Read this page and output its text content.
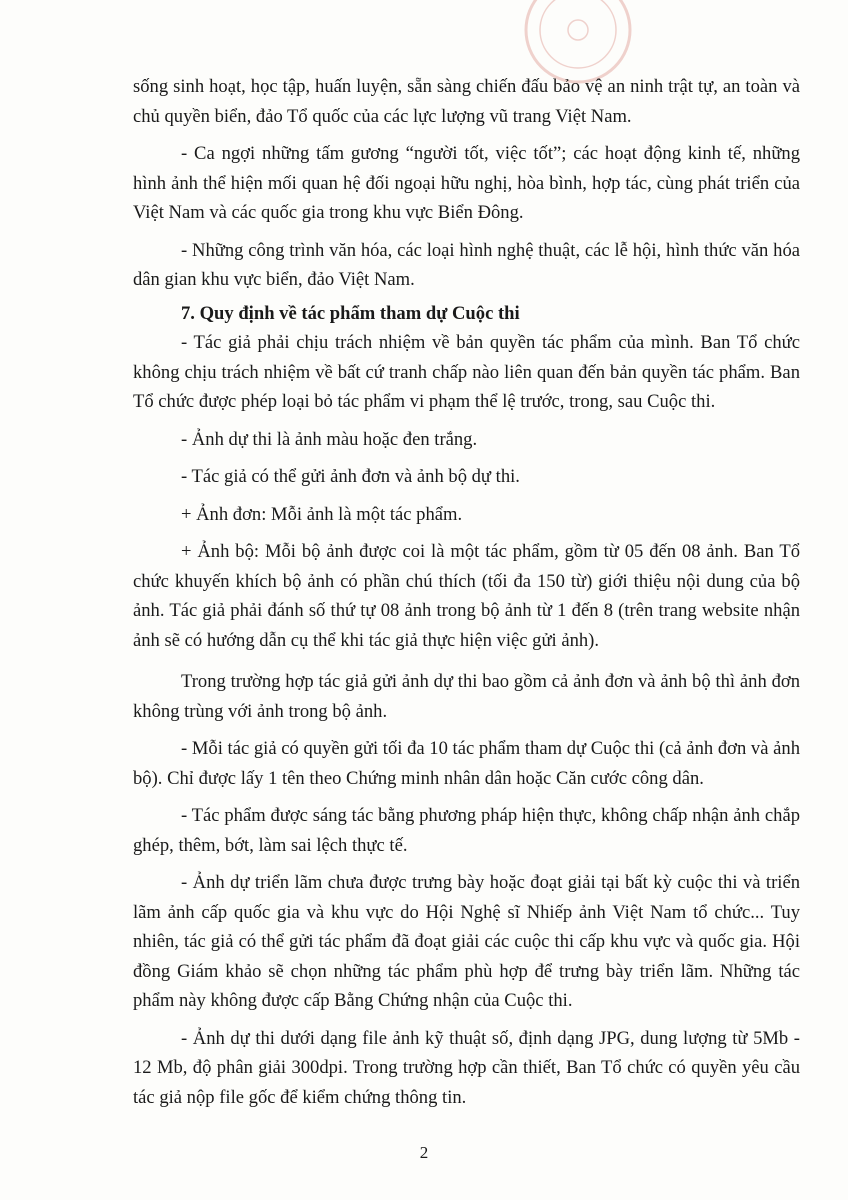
sống sinh hoạt, học tập, huấn luyện, sẵn sàng chiến đấu bảo vệ an ninh trật tự, an toàn và chủ quyền biển, đảo Tổ quốc của các lực lượng vũ trang Việt Nam.

- Ca ngợi những tấm gương “người tốt, việc tốt”; các hoạt động kinh tế, những hình ảnh thể hiện mối quan hệ đối ngoại hữu nghị, hòa bình, hợp tác, cùng phát triển của Việt Nam và các quốc gia trong khu vực Biển Đông.

- Những công trình văn hóa, các loại hình nghệ thuật, các lễ hội, hình thức văn hóa dân gian khu vực biển, đảo Việt Nam.

7. Quy định về tác phẩm tham dự Cuộc thi

- Tác giả phải chịu trách nhiệm về bản quyền tác phẩm của mình. Ban Tổ chức không chịu trách nhiệm về bất cứ tranh chấp nào liên quan đến bản quyền tác phẩm. Ban Tổ chức được phép loại bỏ tác phẩm vi phạm thể lệ trước, trong, sau Cuộc thi.

- Ảnh dự thi là ảnh màu hoặc đen trắng.

- Tác giả có thể gửi ảnh đơn và ảnh bộ dự thi.

+ Ảnh đơn: Mỗi ảnh là một tác phẩm.

+ Ảnh bộ: Mỗi bộ ảnh được coi là một tác phẩm, gồm từ 05 đến 08 ảnh. Ban Tổ chức khuyến khích bộ ảnh có phần chú thích (tối đa 150 từ) giới thiệu nội dung của bộ ảnh. Tác giả phải đánh số thứ tự 08 ảnh trong bộ ảnh từ 1 đến 8 (trên trang website nhận ảnh sẽ có hướng dẫn cụ thể khi tác giả thực hiện việc gửi ảnh).

Trong trường hợp tác giả gửi ảnh dự thi bao gồm cả ảnh đơn và ảnh bộ thì ảnh đơn không trùng với ảnh trong bộ ảnh.

- Mỗi tác giả có quyền gửi tối đa 10 tác phẩm tham dự Cuộc thi (cả ảnh đơn và ảnh bộ). Chỉ được lấy 1 tên theo Chứng minh nhân dân hoặc Căn cước công dân.

- Tác phẩm được sáng tác bằng phương pháp hiện thực, không chấp nhận ảnh chắp ghép, thêm, bớt, làm sai lệch thực tế.

- Ảnh dự triển lãm chưa được trưng bày hoặc đoạt giải tại bất kỳ cuộc thi và triển lãm ảnh cấp quốc gia và khu vực do Hội Nghệ sĩ Nhiếp ảnh Việt Nam tổ chức... Tuy nhiên, tác giả có thể gửi tác phẩm đã đoạt giải các cuộc thi cấp khu vực và quốc gia. Hội đồng Giám khảo sẽ chọn những tác phẩm phù hợp để trưng bày triển lãm. Những tác phẩm này không được cấp Bằng Chứng nhận của Cuộc thi.

- Ảnh dự thi dưới dạng file ảnh kỹ thuật số, định dạng JPG, dung lượng từ 5Mb - 12 Mb, độ phân giải 300dpi. Trong trường hợp cần thiết, Ban Tổ chức có quyền yêu cầu tác giả nộp file gốc để kiểm chứng thông tin.

2
